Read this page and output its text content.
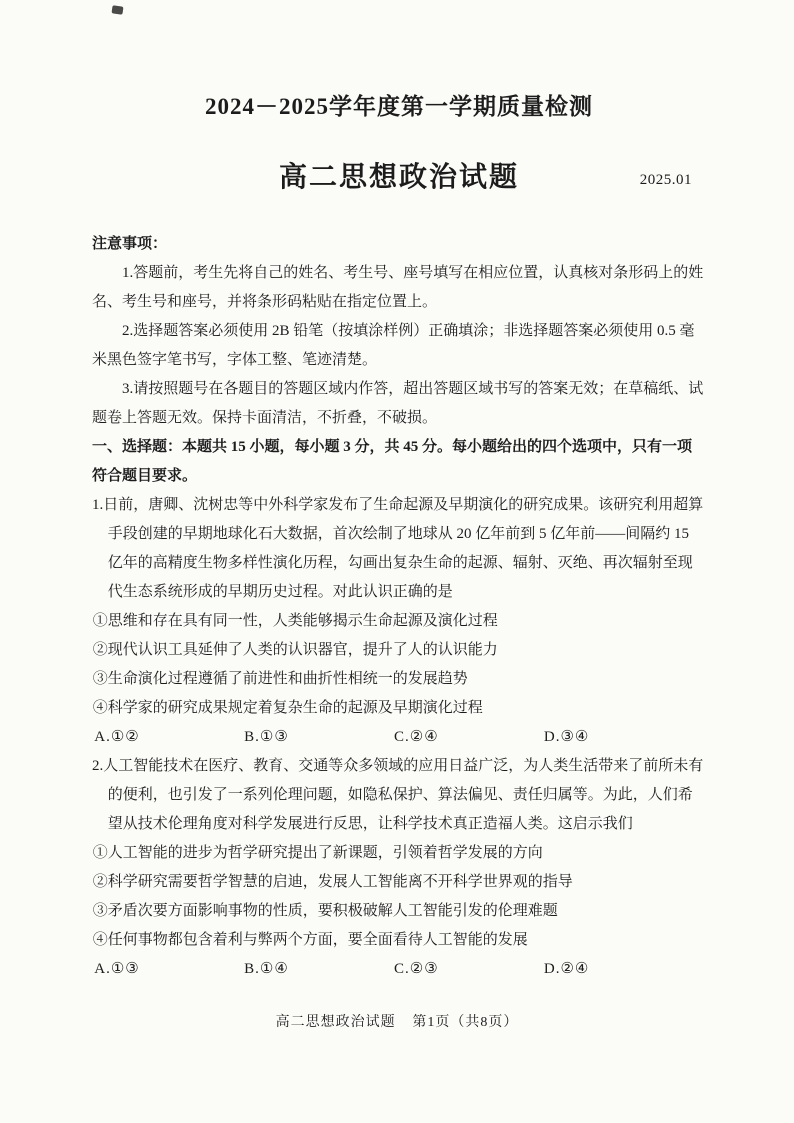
2024－2025学年度第一学期质量检测
高二思想政治试题	2025.01
注意事项：

1.答题前，考生先将自己的姓名、考生号、座号填写在相应位置，认真核对条形码上的姓名、考生号和座号，并将条形码粘贴在指定位置上。

2.选择题答案必须使用 2B 铅笔（按填涂样例）正确填涂；非选择题答案必须使用 0.5 毫米黑色签字笔书写，字体工整、笔迹清楚。

3.请按照题号在各题目的答题区域内作答，超出答题区域书写的答案无效；在草稿纸、试题卷上答题无效。保持卡面清洁，不折叠，不破损。

一、选择题：本题共 15 小题，每小题 3 分，共 45 分。每小题给出的四个选项中，只有一项符合题目要求。

1.日前，唐卿、沈树忠等中外科学家发布了生命起源及早期演化的研究成果。该研究利用超算手段创建的早期地球化石大数据，首次绘制了地球从 20 亿年前到 5 亿年前——间隔约 15 亿年的高精度生物多样性演化历程，勾画出复杂生命的起源、辐射、灭绝、再次辐射至现代生态系统形成的早期历史过程。对此认识正确的是

①思维和存在具有同一性，人类能够揭示生命起源及演化过程

②现代认识工具延伸了人类的认识器官，提升了人的认识能力

③生命演化过程遵循了前进性和曲折性相统一的发展趋势

④科学家的研究成果规定着复杂生命的起源及早期演化过程

A.①②	B.①③	C.②④	D.③④

2.人工智能技术在医疗、教育、交通等众多领域的应用日益广泛，为人类生活带来了前所未有的便利，也引发了一系列伦理问题，如隐私保护、算法偏见、责任归属等。为此，人们希望从技术伦理角度对科学发展进行反思，让科学技术真正造福人类。这启示我们

①人工智能的进步为哲学研究提出了新课题，引领着哲学发展的方向

②科学研究需要哲学智慧的启迪，发展人工智能离不开科学世界观的指导

③矛盾次要方面影响事物的性质，要积极破解人工智能引发的伦理难题

④任何事物都包含着利与弊两个方面，要全面看待人工智能的发展

A.①③	B.①④	C.②③	D.②④
高二思想政治试题 第1页（共8页）
